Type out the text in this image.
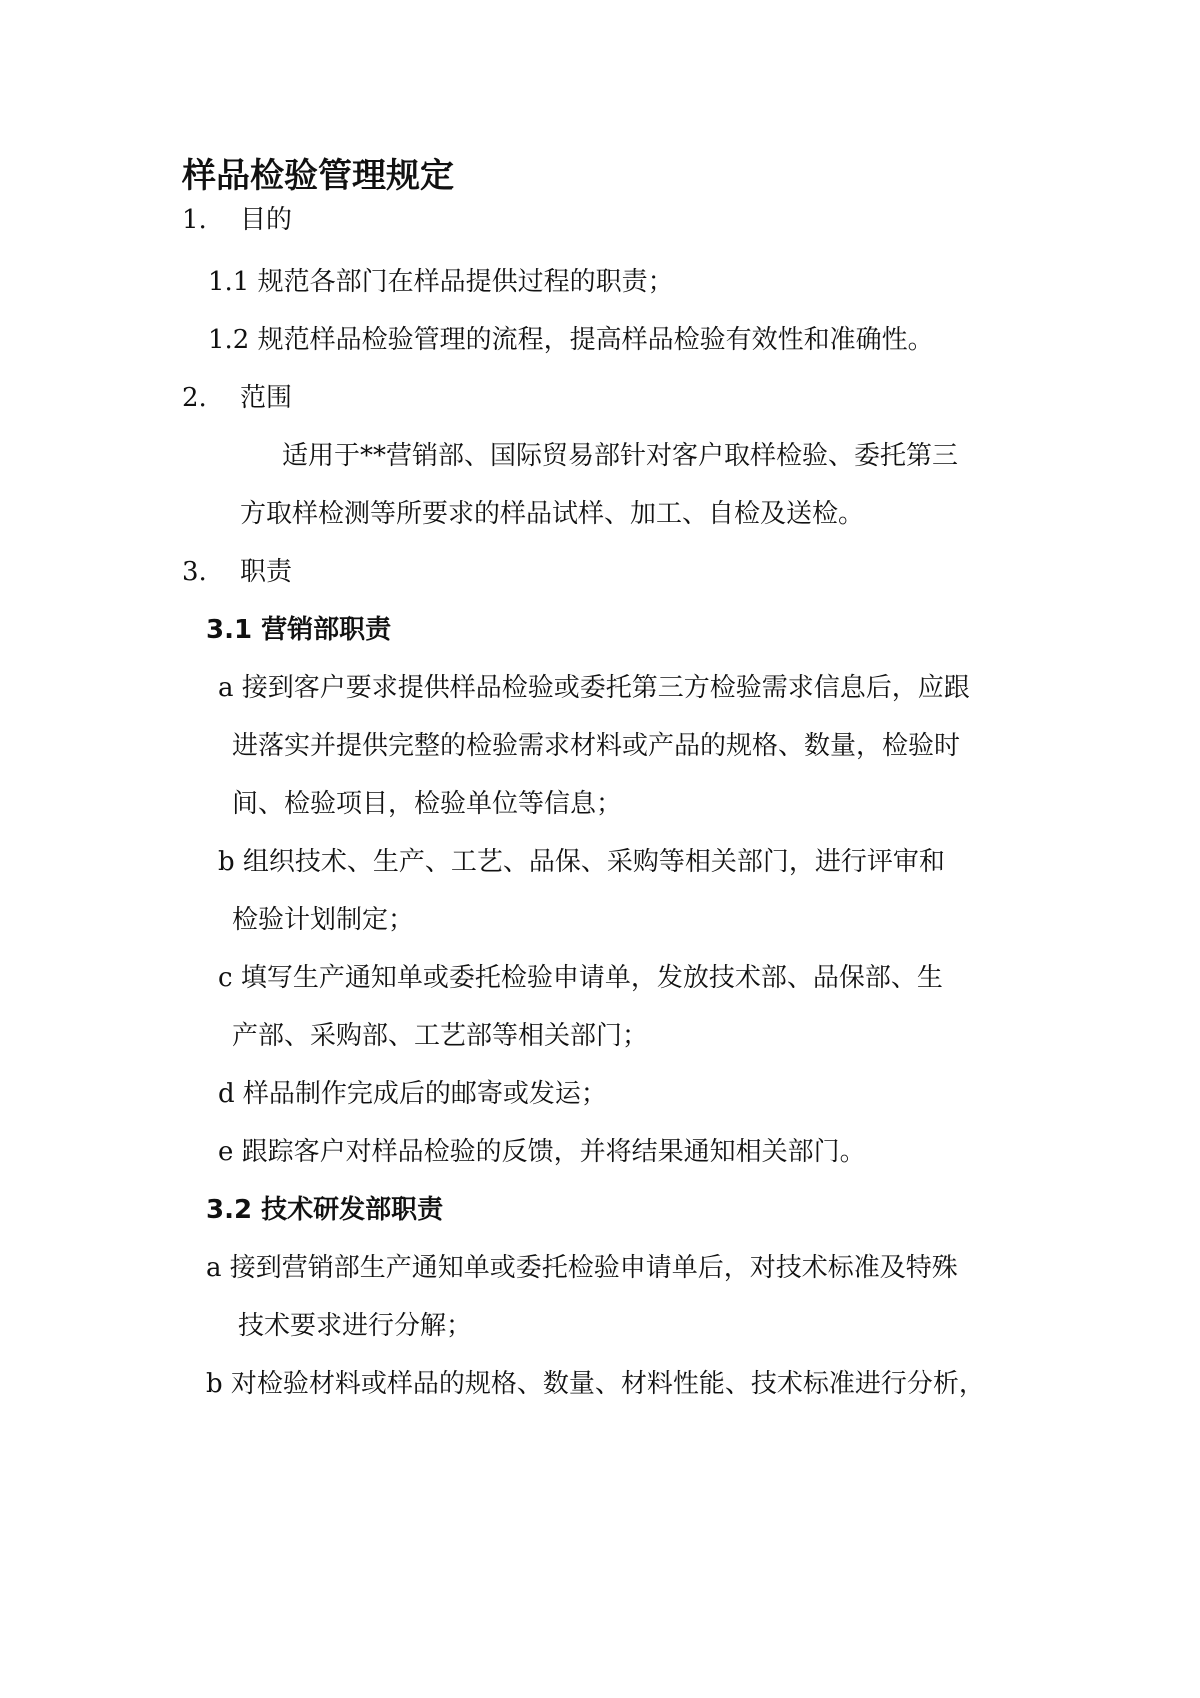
样品检验管理规定
1. 目的
1.1 规范各部门在样品提供过程的职责；
1.2 规范样品检验管理的流程，提高样品检验有效性和准确性。
2. 范围
适用于**营销部、国际贸易部针对客户取样检验、委托第三
方取样检测等所要求的样品试样、加工、自检及送检。
3. 职责
3.1 营销部职责
a 接到客户要求提供样品检验或委托第三方检验需求信息后，应跟
进落实并提供完整的检验需求材料或产品的规格、数量，检验时
间、检验项目，检验单位等信息；
b 组织技术、生产、工艺、品保、采购等相关部门，进行评审和
检验计划制定；
c 填写生产通知单或委托检验申请单，发放技术部、品保部、生
产部、采购部、工艺部等相关部门；
d 样品制作完成后的邮寄或发运；
e 跟踪客户对样品检验的反馈，并将结果通知相关部门。
3.2 技术研发部职责
a 接到营销部生产通知单或委托检验申请单后，对技术标准及特殊
技术要求进行分解；
b 对检验材料或样品的规格、数量、材料性能、技术标准进行分析，
